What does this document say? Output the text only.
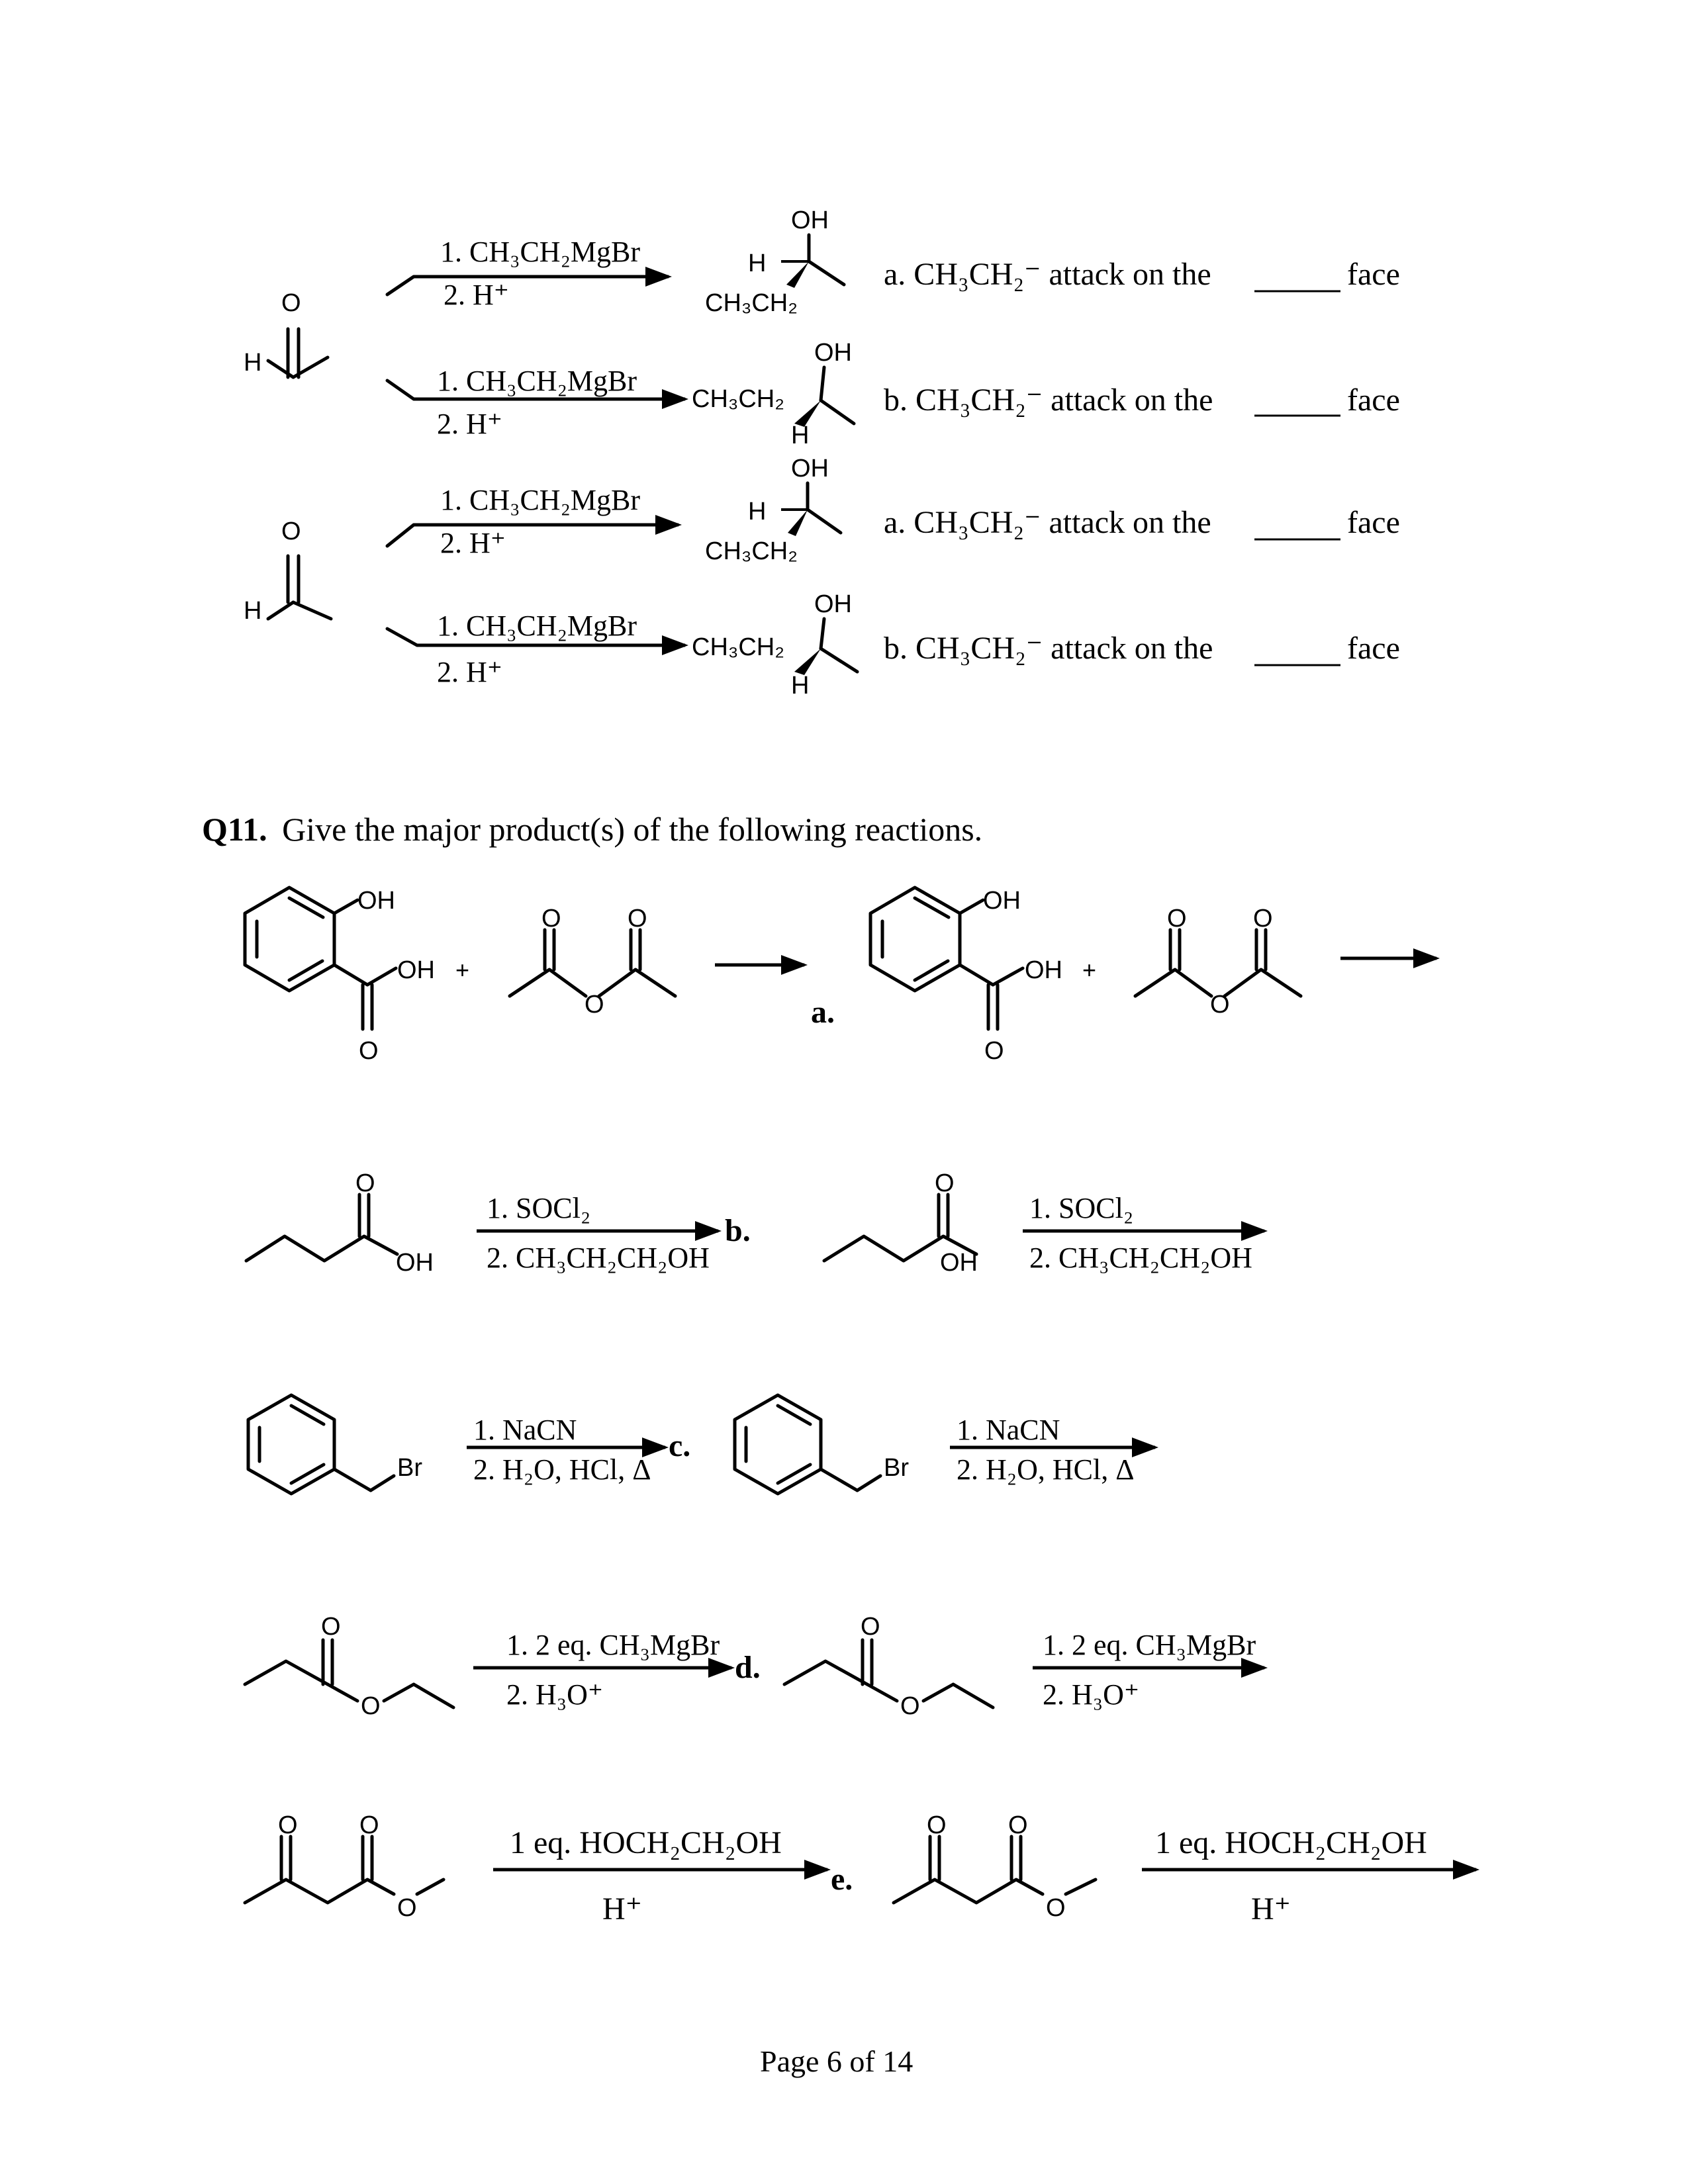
O
H
O
H
1. CH₃CH₂MgBr
2. H⁺
OH
H
CH₃CH₂
a. CH₃CH₂⁻ attack on the	face
1. CH₃CH₂MgBr
2. H⁺
OH
CH₃CH₂
H
b. CH₃CH₂⁻ attack on the	face
1. CH₃CH₂MgBr
2. H⁺
OH
H
CH₃CH₂
a. CH₃CH₂⁻ attack on the	face
1. CH₃CH₂MgBr
2. H⁺
OH
CH₃CH₂
H
b. CH₃CH₂⁻ attack on the	face
Q11. Give the major product(s) of the following reactions.
OH
OH
O
+
O	O
O	a.
OH
OH
O
+
O	O
O
O
OH
1. SOCl₂
2. CH₃CH₂CH₂OH
b.
O
OH
1. SOCl₂
2. CH₃CH₂CH₂OH
Br
1. NaCN
2. H₂O, HCl, Δ
c.
Br
1. NaCN
2. H₂O, HCl, Δ
O
O
1. 2 eq. CH₃MgBr
2. H₃O⁺
d.
O
O
1. 2 eq. CH₃MgBr
2. H₃O⁺
O O
O
1 eq. HOCH₂CH₂OH
H⁺
e.
O O
O
1 eq. HOCH₂CH₂OH
H⁺
Page 6 of 14
